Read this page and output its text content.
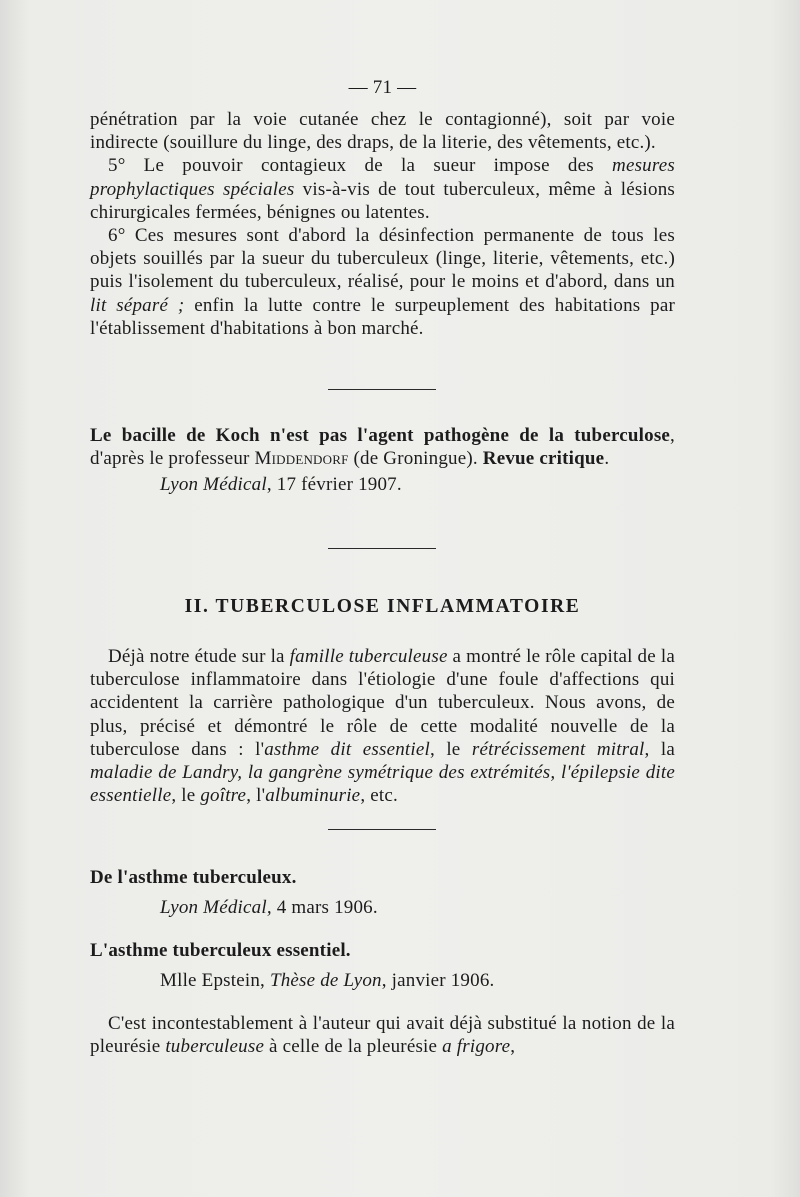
— 71 —

pénétration par la voie cutanée chez le contagionné), soit par voie indirecte (souillure du linge, des draps, de la literie, des vêtements, etc.).

5° Le pouvoir contagieux de la sueur impose des mesures prophylactiques spéciales vis-à-vis de tout tuberculeux, même à lésions chirurgicales fermées, bénignes ou latentes.

6° Ces mesures sont d'abord la désinfection permanente de tous les objets souillés par la sueur du tuberculeux (linge, literie, vêtements, etc.) puis l'isolement du tuberculeux, réalisé, pour le moins et d'abord, dans un lit séparé ; enfin la lutte contre le surpeuplement des habitations par l'établissement d'habitations à bon marché.

Le bacille de Koch n'est pas l'agent pathogène de la tuberculose, d'après le professeur Middendorf (de Groningue). Revue critique.

Lyon Médical, 17 février 1907.

II. TUBERCULOSE INFLAMMATOIRE

Déjà notre étude sur la famille tuberculeuse a montré le rôle capital de la tuberculose inflammatoire dans l'étiologie d'une foule d'affections qui accidentent la carrière pathologique d'un tuberculeux. Nous avons, de plus, précisé et démontré le rôle de cette modalité nouvelle de la tuberculose dans : l'asthme dit essentiel, le rétrécissement mitral, la maladie de Landry, la gangrène symétrique des extrémités, l'épilepsie dite essentielle, le goître, l'albuminurie, etc.

De l'asthme tuberculeux.

Lyon Médical, 4 mars 1906.

L'asthme tuberculeux essentiel.

Mlle Epstein, Thèse de Lyon, janvier 1906.

C'est incontestablement à l'auteur qui avait déjà substitué la notion de la pleurésie tuberculeuse à celle de la pleurésie a frigore,
